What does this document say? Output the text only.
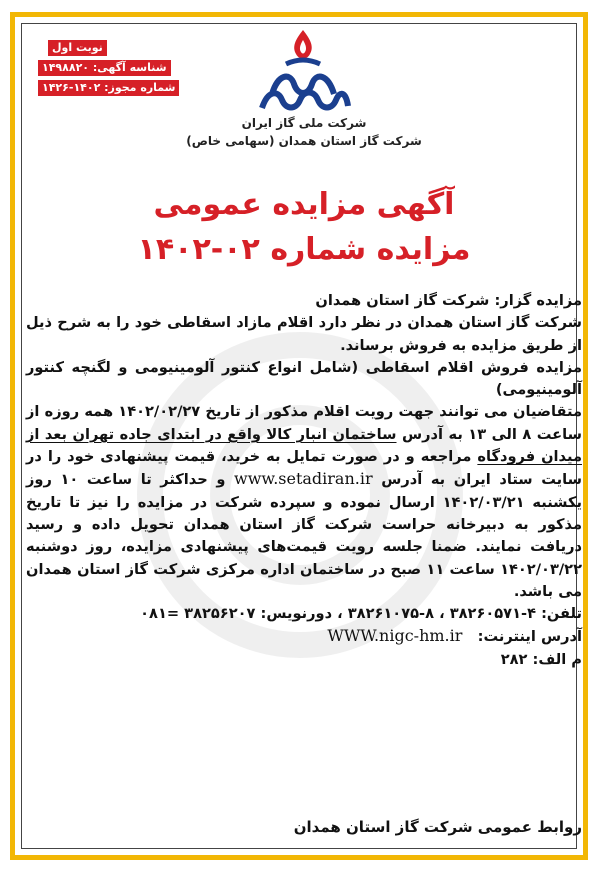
نوبت اول
شناسه آگهی: ۱۴۹۸۸۲۰
شماره مجوز: ۱۴۰۲-۱۴۲۶
شرکت ملی گاز ایران
شرکت گاز استان همدان (سهامی خاص)
آگهی مزایده عمومی
مزایده شماره ۰۲-۱۴۰۲

مزایده گزار: شرکت گاز استان همدان

شرکت گاز استان همدان در نظر دارد اقلام مازاد اسقاطی خود را به شرح ذیل از طریق مزایده به فروش برساند.

مزایده فروش اقلام اسقاطی (شامل انواع کنتور آلومینیومی و لگنچه کنتور آلومینیومی)

متقاضیان می توانند جهت رویت اقلام مذکور از تاریخ ۱۴۰۲/۰۲/۲۷ همه روزه از ساعت ۸ الی ۱۳ به آدرس ساختمان انبار کالا واقع در ابتدای جاده تهران بعد از میدان فرودگاه مراجعه و در صورت تمایل به خرید، قیمت پیشنهادی خود را در سایت ستاد ایران به آدرس www.setadiran.ir و حداکثر تا ساعت ۱۰ روز یکشنبه ۱۴۰۲/۰۳/۲۱ ارسال نموده و سپرده شرکت در مزایده را نیز تا تاریخ مذکور به دبیرخانه حراست شرکت گاز استان همدان تحویل داده و رسید دریافت نمایند. ضمنا جلسه رویت قیمت‌های پیشنهادی مزایده، روز دوشنبه ۱۴۰۲/۰۳/۲۲ ساعت ۱۱ صبح در ساختمان اداره مرکزی شرکت گاز استان همدان می باشد.

تلفن: ۴-۳۸۲۶۰۵۷۱ ، ۸-۳۸۲۶۱۰۷۵ ، دورنویس: ۳۸۲۵۶۲۰۷ =۰۸۱

آدرس اینترنت:   WWW.nigc-hm.ir

م الف: ۲۸۲

روابط عمومی شرکت گاز استان همدان
